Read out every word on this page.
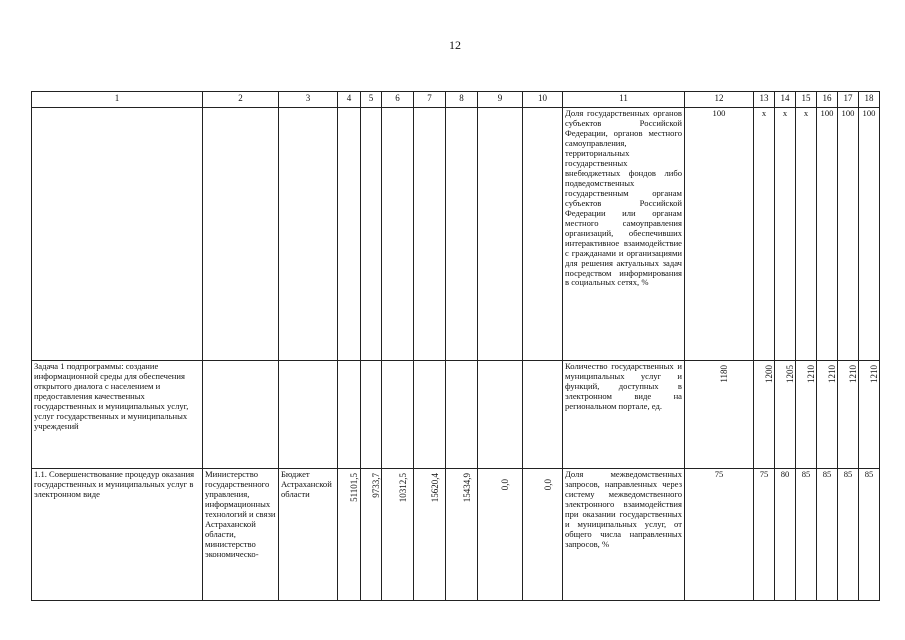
12
1	2	3	4	5	6	7	8	9	10	11	12	13	14	15	16	17	18
										Доля государственных органов субъектов Российской Федерации, органов местного самоуправления, территориальных государственных внебюджетных фондов либо подведомственных государственным органам субъектов Российской Федерации или органам местного самоуправления организаций, обеспечивших интерактивное взаимодействие с гражданами и организациями для решения актуальных задач посредством информирования в социальных сетях, %	100	x	x	x	100	100	100
Задача 1 подпрограммы: создание информационной среды для обеспечения открытого диалога с населением и предоставления качественных государственных и муниципальных услуг, услуг государственных и муниципальных учреждений										Количество государственных и муниципальных услуг и функций, доступных в электронном виде на региональном портале, ед.	1180	1200	1205	1210	1210	1210	1210

1.1. Совершенствование процедур оказания государственных и муниципальных услуг в электронном виде	Министерство государственного управления, информационных технологий и связи Астраханской области, министерство экономическо-	Бюджет Астраханской области	51101,5	9733,7	10312,5	15620,4	15434,9	0,0	0,0	Доля межведомственных запросов, направленных через систему межведомственного электронного взаимодействия при оказании государственных и муниципальных услуг, от общего числа направленных запросов, %	75	75	80	85	85	85	85
